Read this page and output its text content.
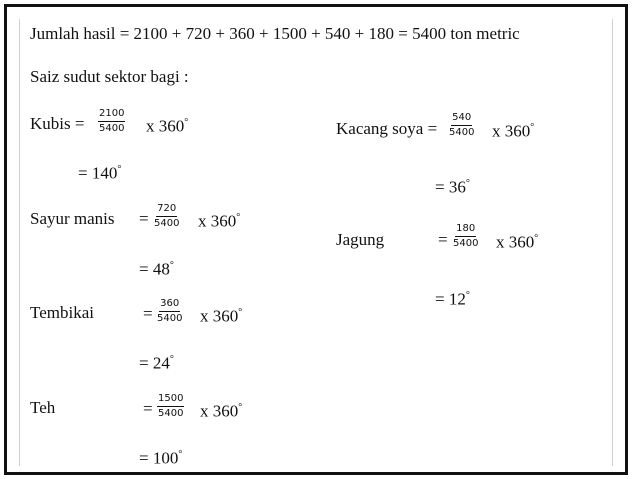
Jumlah hasil = 2100 + 720 + 360 + 1500 + 540 + 180 = 5400 ton metric
Saiz sudut sektor bagi :
Kubis = $\frac{2100}{5400}$ x 360°
= 140°
Sayur manis = $\frac{720}{5400}$ x 360°
= 48°
Tembikai	= $\frac{360}{5400}$ x 360°
= 24°
Teh	= $\frac{1500}{5400}$ x 360°
= 100°
Kacang soya = $\frac{540}{5400}$ x 360°
= 36°
Jagung	= $\frac{180}{5400}$ x 360°
= 12°
